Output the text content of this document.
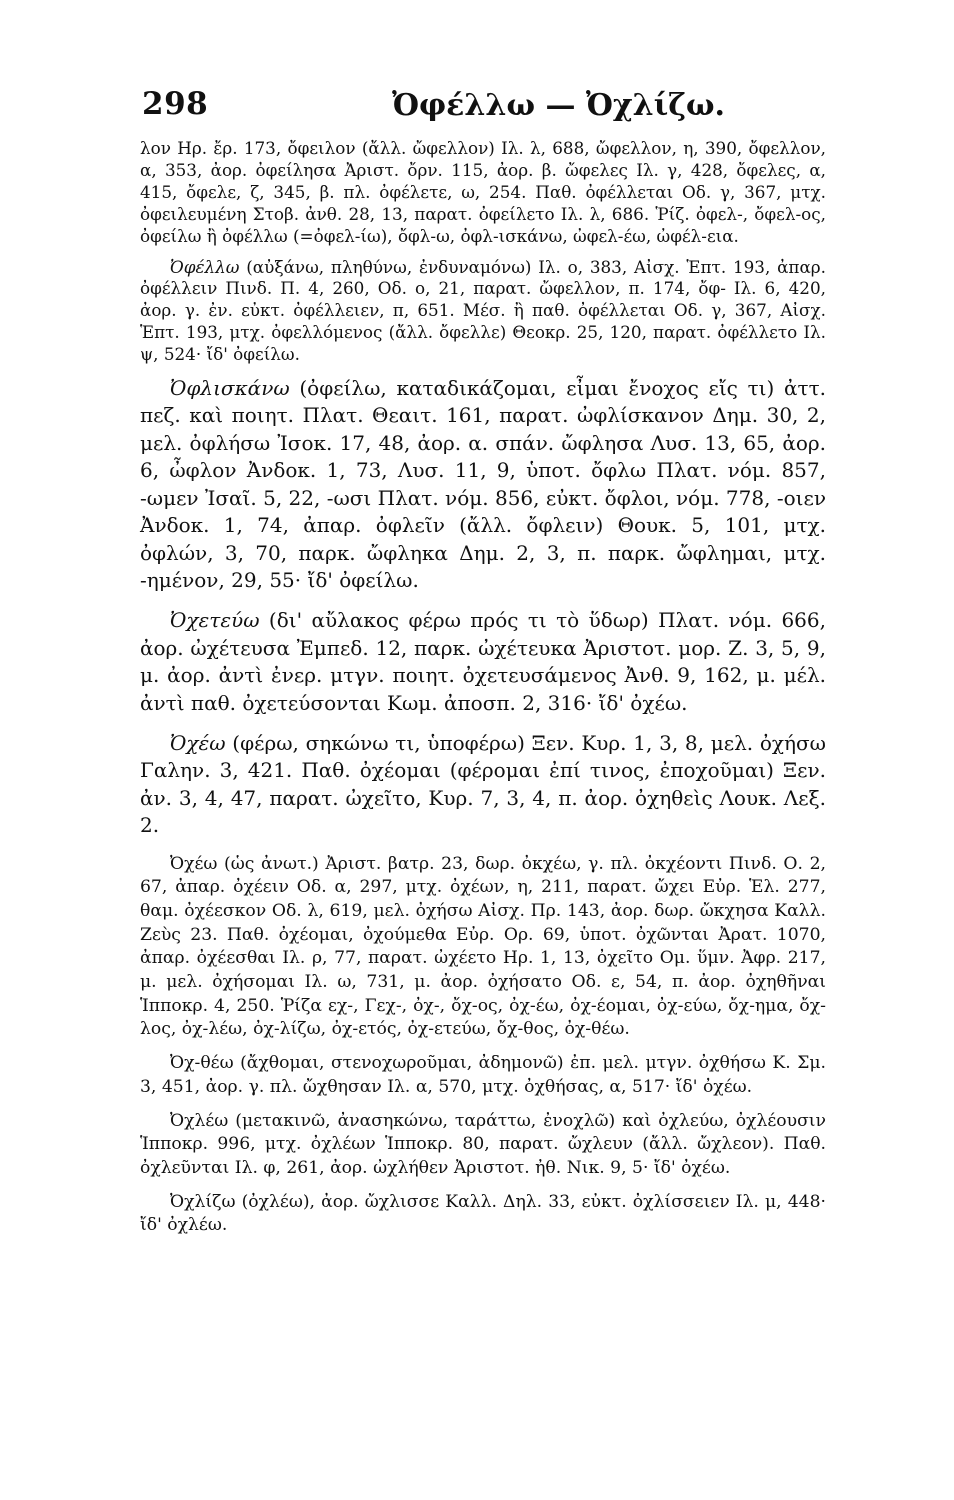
298	Ὀφέλλω — Ὀχλίζω.

λον Ηρ. ἔρ. 173, ὄφειλον (ἄλλ. ὤφελλον) Ιλ. λ, 688, ὤφελλον, η, 390, ὄφελλον, α, 353, ἀορ. ὀφείλησα Ἀριστ. ὄρν. 115, ἀορ. β. ὤφελες Ιλ. γ, 428, ὄφελες, α, 415, ὄφελε, ζ, 345, β. πλ. ὀφέλετε, ω, 254. Παθ. ὀφέλλεται Οδ. γ, 367, μτχ. ὀφειλευμένη Στοβ. ἀνθ. 28, 13, παρατ. ὀφείλετο Ιλ. λ, 686. Ῥίζ. ὀφελ-, ὄφελ-ος, ὀφείλω ἢ ὀφέλλω (=ὀφελ-ίω), ὄφλ-ω, ὀφλ-ισκάνω, ὠφελ-έω, ὠφέλ-εια.

Ὀφέλλω (αὐξάνω, πληθύνω, ἐνδυναμόνω) Ιλ. ο, 383, Αἰσχ. Ἑπτ. 193, ἀπαρ. ὀφέλλειν Πινδ. Π. 4, 260, Οδ. ο, 21, παρατ. ὤφελλον, π. 174, ὄφ- Ιλ. 6, 420, ἀορ. γ. ἐν. εὐκτ. ὀφέλλειεν, π, 651. Μέσ. ἢ παθ. ὀφέλλεται Οδ. γ, 367, Αἰσχ. Ἑπτ. 193, μτχ. ὀφελλόμενος (ἄλλ. ὄφελλε) Θεοκρ. 25, 120, παρατ. ὀφέλλετο Ιλ. ψ, 524· ἴδ' ὀφείλω.

Ὀφλισκάνω (ὀφείλω, καταδικάζομαι, εἶμαι ἔνοχος εἴς τι) ἀττ. πεζ. καὶ ποιητ. Πλατ. Θεαιτ. 161, παρατ. ὠφλίσκανον Δημ. 30, 2, μελ. ὀφλήσω Ἰσοκ. 17, 48, ἀορ. α. σπάν. ὤφλησα Λυσ. 13, 65, ἀορ. 6, ὦφλον Ἀνδοκ. 1, 73, Λυσ. 11, 9, ὑποτ. ὄφλω Πλατ. νόμ. 857, -ωμεν Ἰσαῖ. 5, 22, -ωσι Πλατ. νόμ. 856, εὐκτ. ὄφλοι, νόμ. 778, -οιεν Ἀνδοκ. 1, 74, ἀπαρ. ὀφλεῖν (ἄλλ. ὄφλειν) Θουκ. 5, 101, μτχ. ὀφλών, 3, 70, παρκ. ὤφληκα Δημ. 2, 3, π. παρκ. ὤφλημαι, μτχ. -ημένον, 29, 55· ἴδ' ὀφείλω.

Ὀχετεύω (δι' αὔλακος φέρω πρός τι τὸ ὕδωρ) Πλατ. νόμ. 666, ἀορ. ὠχέτευσα Ἐμπεδ. 12, παρκ. ὠχέτευκα Ἀριστοτ. μορ. Ζ. 3, 5, 9, μ. ἀορ. ἀντὶ ἐνερ. μτγν. ποιητ. ὀχετευσάμενος Ἀνθ. 9, 162, μ. μέλ. ἀντὶ παθ. ὀχετεύσονται Κωμ. ἀποσπ. 2, 316· ἴδ' ὀχέω.

Ὀχέω (φέρω, σηκώνω τι, ὑποφέρω) Ξεν. Κυρ. 1, 3, 8, μελ. ὀχήσω Γαλην. 3, 421. Παθ. ὀχέομαι (φέρομαι ἐπί τινος, ἐποχοῦμαι) Ξεν. ἀν. 3, 4, 47, παρατ. ὠχεῖτο, Κυρ. 7, 3, 4, π. ἀορ. ὀχηθεὶς Λουκ. Λεξ. 2.

Ὀχέω (ὡς ἀνωτ.) Ἀριστ. βατρ. 23, δωρ. ὀκχέω, γ. πλ. ὀκχέοντι Πινδ. Ο. 2, 67, ἀπαρ. ὀχέειν Οδ. α, 297, μτχ. ὀχέων, η, 211, παρατ. ὤχει Εὐρ. Ἑλ. 277, θαμ. ὀχέεσκον Οδ. λ, 619, μελ. ὀχήσω Αἰσχ. Πρ. 143, ἀορ. δωρ. ὤκχησα Καλλ. Ζεὺς 23. Παθ. ὀχέομαι, ὀχούμεθα Εὐρ. Ορ. 69, ὑποτ. ὀχῶνται Ἀρατ. 1070, ἀπαρ. ὀχέεσθαι Ιλ. ρ, 77, παρατ. ὠχέετο Ηρ. 1, 13, ὀχεῖτο Ομ. ὕμν. Ἀφρ. 217, μ. μελ. ὀχήσομαι Ιλ. ω, 731, μ. ἀορ. ὀχήσατο Οδ. ε, 54, π. ἀορ. ὀχηθῆναι Ἱπποκρ. 4, 250. Ῥίζα εχ-, Γεχ-, ὀχ-, ὄχ-ος, ὀχ-έω, ὀχ-έομαι, ὀχ-εύω, ὄχ-ημα, ὄχ-λος, ὀχ-λέω, ὀχ-λίζω, ὀχ-ετός, ὀχ-ετεύω, ὄχ-θος, ὀχ-θέω.

Ὀχ-θέω (ἄχθομαι, στενοχωροῦμαι, ἀδημονῶ) ἐπ. μελ. μτγν. ὀχθήσω Κ. Σμ. 3, 451, ἀορ. γ. πλ. ὤχθησαν Ιλ. α, 570, μτχ. ὀχθήσας, α, 517· ἴδ' ὀχέω.

Ὀχλέω (μετακινῶ, ἀνασηκώνω, ταράττω, ἐνοχλῶ) καὶ ὀχλεύω, ὀχλέουσιν Ἱπποκρ. 996, μτχ. ὀχλέων Ἱπποκρ. 80, παρατ. ὤχλευν (ἄλλ. ὤχλεον). Παθ. ὀχλεῦνται Ιλ. φ, 261, ἀορ. ὠχλήθεν Ἀριστοτ. ἠθ. Νικ. 9, 5· ἴδ' ὀχέω.

Ὀχλίζω (ὀχλέω), ἀορ. ὤχλισσε Καλλ. Δηλ. 33, εὐκτ. ὀχλίσσειεν Ιλ. μ, 448· ἴδ' ὀχλέω.
